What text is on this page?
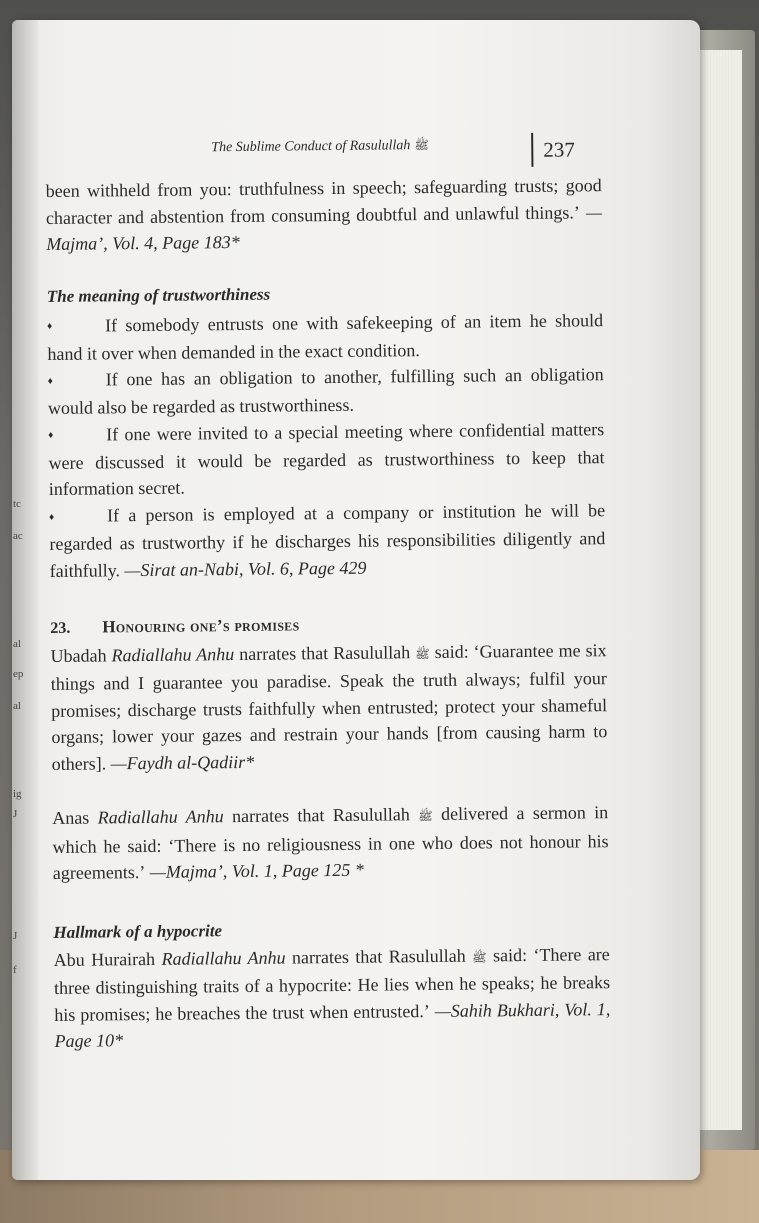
tc
ac
al
ep
al
ig
J
J
f
The Sublime Conduct of Rasulullah ﷺ	237

been withheld from you: truthfulness in speech; safeguarding trusts; good character and abstention from consuming doubtful and unlawful things.’ —Majma’, Vol. 4, Page 183*

The meaning of trustworthiness

♦	If somebody entrusts one with safekeeping of an item he should hand it over when demanded in the exact condition.

♦	If one has an obligation to another, fulfilling such an obligation would also be regarded as trustworthiness.

♦	If one were invited to a special meeting where confidential matters were discussed it would be regarded as trustworthiness to keep that information secret.

♦	If a person is employed at a company or institution he will be regarded as trustworthy if he discharges his responsibilities diligently and faithfully. —Sirat an-Nabi, Vol. 6, Page 429

23. Honouring one’s promises

Ubadah Radiallahu Anhu narrates that Rasulullah ﷺ said: ‘Guarantee me six things and I guarantee you paradise. Speak the truth always; fulfil your promises; discharge trusts faithfully when entrusted; protect your shameful organs; lower your gazes and restrain your hands [from causing harm to others]. —Faydh al-Qadiir*

Anas Radiallahu Anhu narrates that Rasulullah ﷺ delivered a sermon in which he said: ‘There is no religiousness in one who does not honour his agreements.’ —Majma’, Vol. 1, Page 125 *

Hallmark of a hypocrite

Abu Hurairah Radiallahu Anhu narrates that Rasulullah ﷺ said: ‘There are three distinguishing traits of a hypocrite: He lies when he speaks; he breaks his promises; he breaches the trust when entrusted.’ —Sahih Bukhari, Vol. 1, Page 10*
